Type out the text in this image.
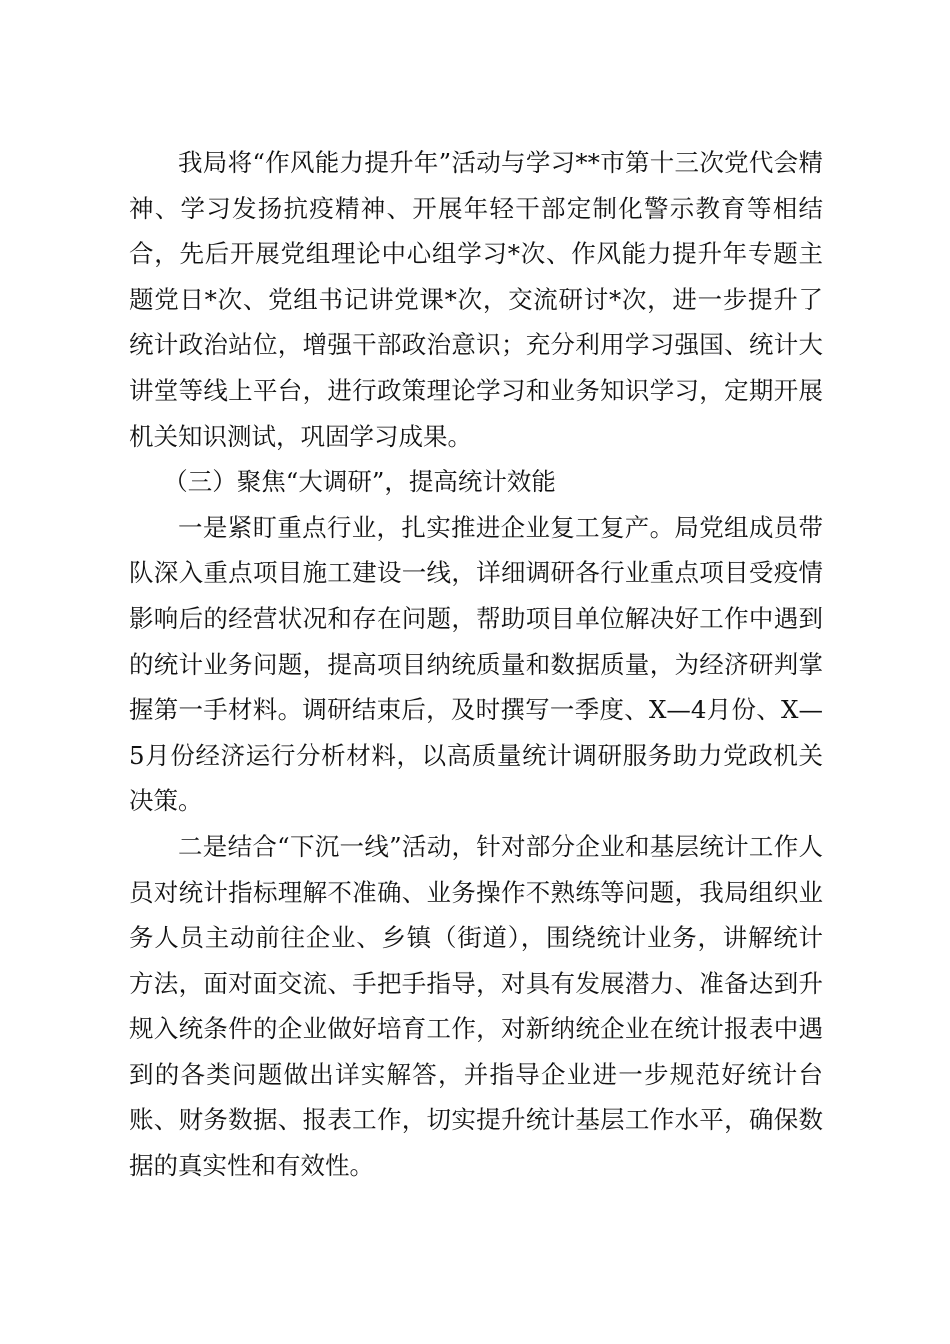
我局将“作风能力提升年”活动与学习**市第十三次党代会精神、学习发扬抗疫精神、开展年轻干部定制化警示教育等相结合，先后开展党组理论中心组学习*次、作风能力提升年专题主题党日*次、党组书记讲党课*次，交流研讨*次，进一步提升了统计政治站位，增强干部政治意识；充分利用学习强国、统计大讲堂等线上平台，进行政策理论学习和业务知识学习，定期开展机关知识测试，巩固学习成果。

（三）聚焦“大调研”，提高统计效能

一是紧盯重点行业，扎实推进企业复工复产。局党组成员带队深入重点项目施工建设一线，详细调研各行业重点项目受疫情影响后的经营状况和存在问题，帮助项目单位解决好工作中遇到的统计业务问题，提高项目纳统质量和数据质量，为经济研判掌握第一手材料。调研结束后，及时撰写一季度、X—4月份、X—5月份经济运行分析材料，以高质量统计调研服务助力党政机关决策。

二是结合“下沉一线”活动，针对部分企业和基层统计工作人员对统计指标理解不准确、业务操作不熟练等问题，我局组织业务人员主动前往企业、乡镇（街道），围绕统计业务，讲解统计方法，面对面交流、手把手指导，对具有发展潜力、准备达到升规入统条件的企业做好培育工作，对新纳统企业在统计报表中遇到的各类问题做出详实解答，并指导企业进一步规范好统计台账、财务数据、报表工作，切实提升统计基层工作水平，确保数据的真实性和有效性。
